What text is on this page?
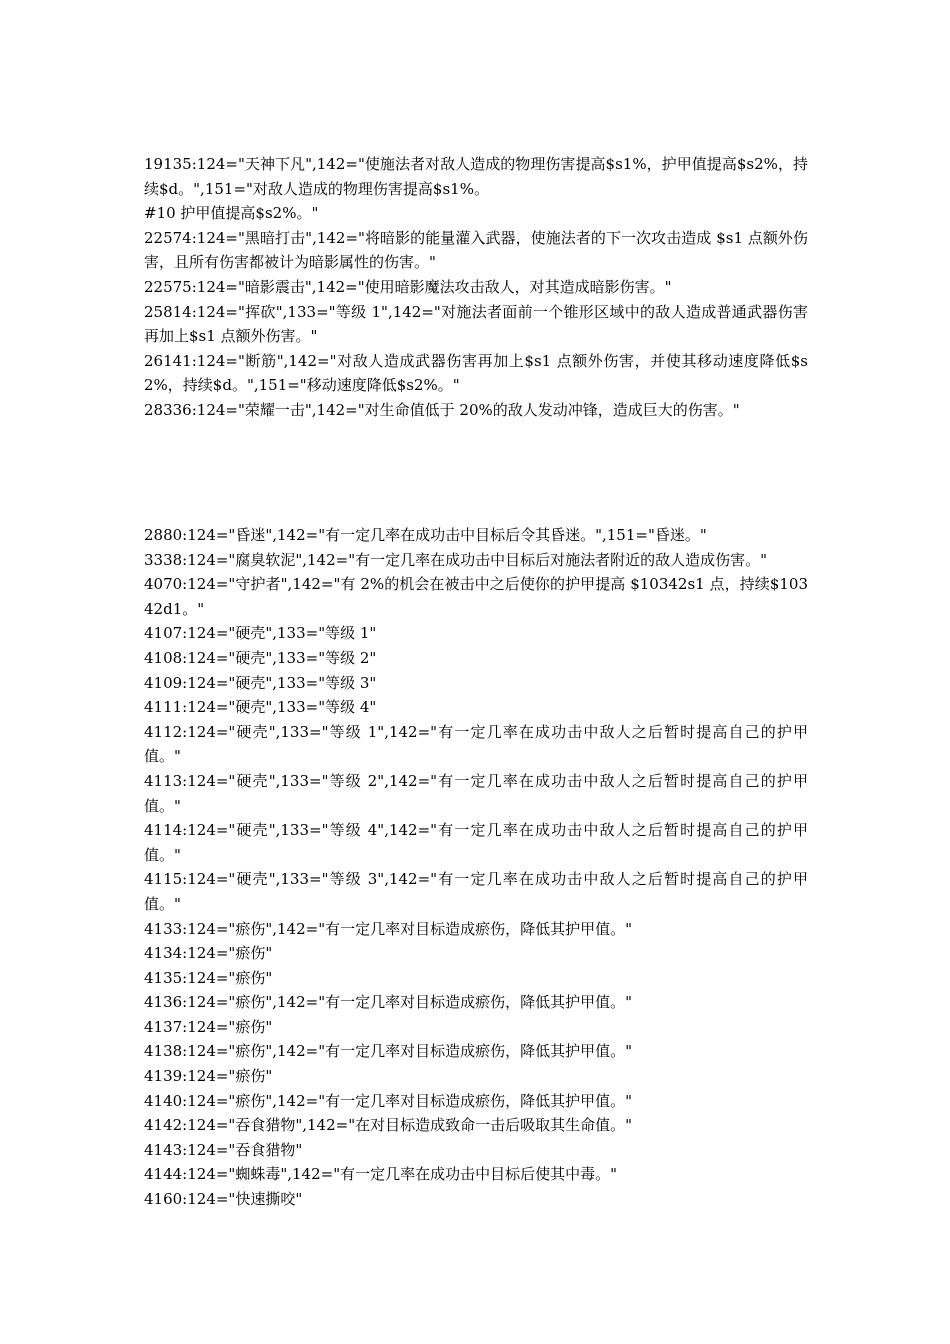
19135:124="天神下凡",142="使施法者对敌人造成的物理伤害提高$s1%，护甲值提高$s2%，持续$d。",151="对敌人造成的物理伤害提高$s1%。

#10 护甲值提高$s2%。"

22574:124="黑暗打击",142="将暗影的能量灌入武器，使施法者的下一次攻击造成 $s1 点额外伤害，且所有伤害都被计为暗影属性的伤害。"

22575:124="暗影震击",142="使用暗影魔法攻击敌人，对其造成暗影伤害。"

25814:124="挥砍",133="等级 1",142="对施法者面前一个锥形区域中的敌人造成普通武器伤害再加上$s1 点额外伤害。"

26141:124="断筋",142="对敌人造成武器伤害再加上$s1 点额外伤害，并使其移动速度降低$s2%，持续$d。",151="移动速度降低$s2%。"

28336:124="荣耀一击",142="对生命值低于 20%的敌人发动冲锋，造成巨大的伤害。"

2880:124="昏迷",142="有一定几率在成功击中目标后令其昏迷。",151="昏迷。"

3338:124="腐臭软泥",142="有一定几率在成功击中目标后对施法者附近的敌人造成伤害。"

4070:124="守护者",142="有 2%的机会在被击中之后使你的护甲提高 $10342s1 点，持续$10342d1。"

4107:124="硬壳",133="等级 1"

4108:124="硬壳",133="等级 2"

4109:124="硬壳",133="等级 3"

4111:124="硬壳",133="等级 4"

4112:124="硬壳",133="等级 1",142="有一定几率在成功击中敌人之后暂时提高自己的护甲值。"

4113:124="硬壳",133="等级 2",142="有一定几率在成功击中敌人之后暂时提高自己的护甲值。"

4114:124="硬壳",133="等级 4",142="有一定几率在成功击中敌人之后暂时提高自己的护甲值。"

4115:124="硬壳",133="等级 3",142="有一定几率在成功击中敌人之后暂时提高自己的护甲值。"

4133:124="瘀伤",142="有一定几率对目标造成瘀伤，降低其护甲值。"

4134:124="瘀伤"

4135:124="瘀伤"

4136:124="瘀伤",142="有一定几率对目标造成瘀伤，降低其护甲值。"

4137:124="瘀伤"

4138:124="瘀伤",142="有一定几率对目标造成瘀伤，降低其护甲值。"

4139:124="瘀伤"

4140:124="瘀伤",142="有一定几率对目标造成瘀伤，降低其护甲值。"

4142:124="吞食猎物",142="在对目标造成致命一击后吸取其生命值。"

4143:124="吞食猎物"

4144:124="蜘蛛毒",142="有一定几率在成功击中目标后使其中毒。"

4160:124="快速撕咬"
